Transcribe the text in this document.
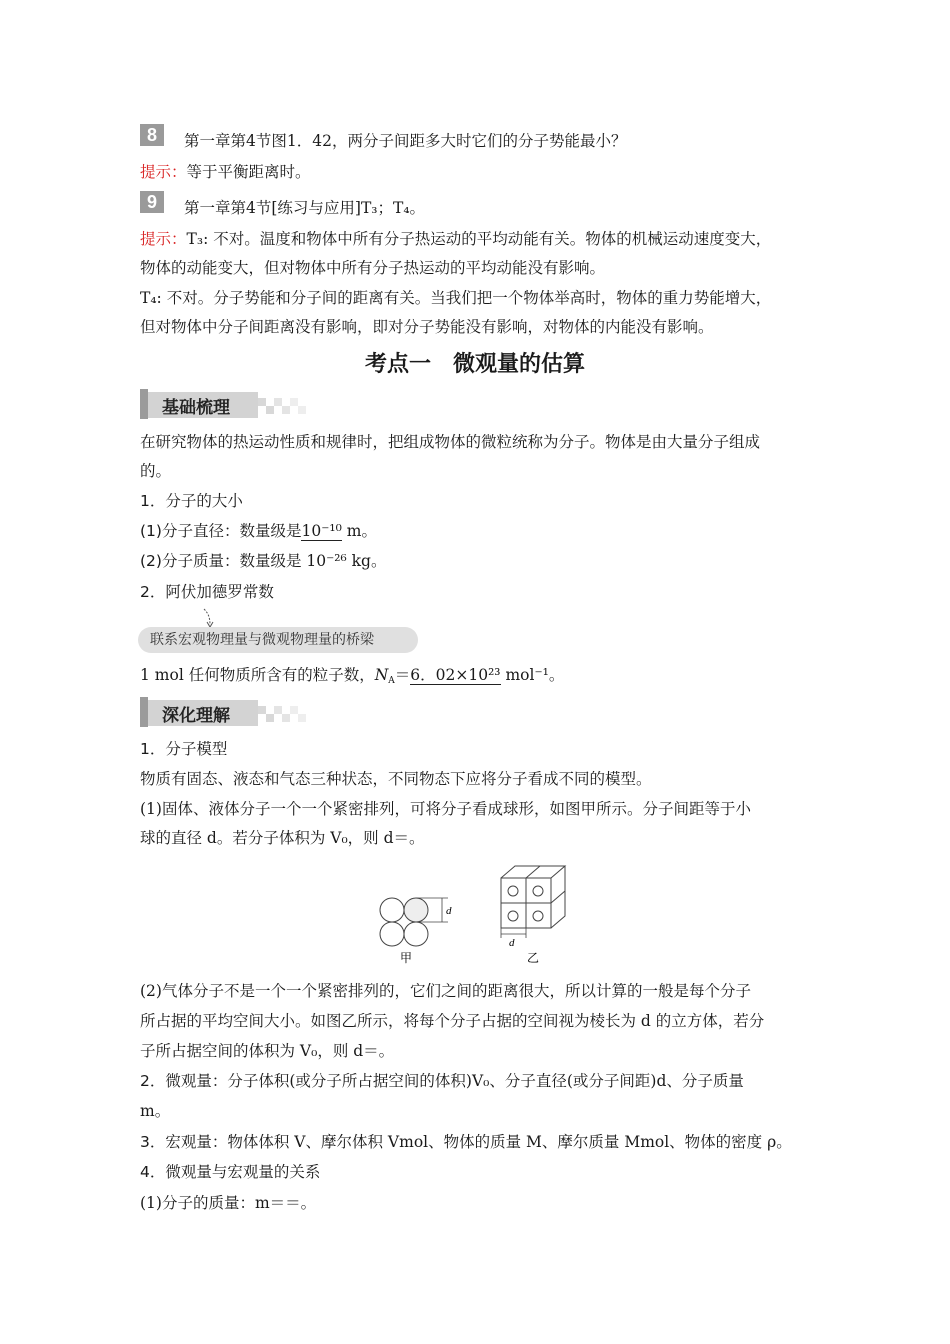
8	第一章第4节图1．42，两分子间距多大时它们的分子势能最小？
提示：等于平衡距离时。
9	第一章第4节[练习与应用]T₃；T₄。
提示：T₃: 不对。温度和物体中所有分子热运动的平均动能有关。物体的机械运动速度变大，
物体的动能变大，但对物体中所有分子热运动的平均动能没有影响。
T₄: 不对。分子势能和分子间的距离有关。当我们把一个物体举高时，物体的重力势能增大，
但对物体中分子间距离没有影响，即对分子势能没有影响，对物体的内能没有影响。
考点一　微观量的估算
基础梳理
在研究物体的热运动性质和规律时，把组成物体的微粒统称为分子。物体是由大量分子组成
的。
1．分子的大小
(1)分子直径：数量级是10⁻¹⁰ m。
(2)分子质量：数量级是 10⁻²⁶ kg。
2．阿伏加德罗常数
联系宏观物理量与微观物理量的桥梁
1 mol 任何物质所含有的粒子数，$N_A=6$．02×10²³ mol⁻¹。
深化理解
1．分子模型
物质有固态、液态和气态三种状态，不同物态下应将分子看成不同的模型。
(1)固体、液体分子一个一个紧密排列，可将分子看成球形，如图甲所示。分子间距等于小
球的直径 d。若分子体积为 V₀，则 d＝。
d
甲
d
乙
(2)气体分子不是一个一个紧密排列的，它们之间的距离很大，所以计算的一般是每个分子
所占据的平均空间大小。如图乙所示，将每个分子占据的空间视为棱长为 d 的立方体，若分
子所占据空间的体积为 V₀，则 d＝。
2．微观量：分子体积(或分子所占据空间的体积)V₀、分子直径(或分子间距)d、分子质量
m。
3．宏观量：物体体积 V、摩尔体积 Vmol、物体的质量 M、摩尔质量 Mmol、物体的密度 ρ。
4．微观量与宏观量的关系
(1)分子的质量：m＝＝。
